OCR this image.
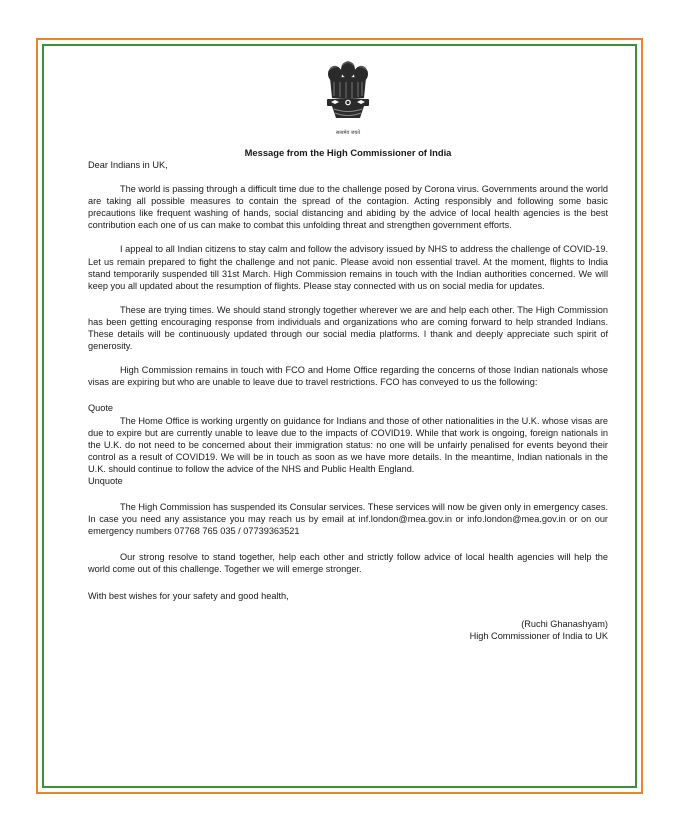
सत्यमेव जयते
Message from the High Commissioner of India

Dear Indians in UK,

The world is passing through a difficult time due to the challenge posed by Corona virus. Governments around the world are taking all possible measures to contain the spread of the contagion. Acting responsibly and following some basic precautions like frequent washing of hands, social distancing and abiding by the advice of local health agencies is the best contribution each one of us can make to combat this unfolding threat and strengthen government efforts.

I appeal to all Indian citizens to stay calm and follow the advisory issued by NHS to address the challenge of COVID-19. Let us remain prepared to fight the challenge and not panic. Please avoid non essential travel. At the moment, flights to India stand temporarily suspended till 31st March. High Commission remains in touch with the Indian authorities concerned. We will keep you all updated about the resumption of flights. Please stay connected with us on social media for updates.

These are trying times. We should stand strongly together wherever we are and help each other. The High Commission has been getting encouraging response from individuals and organizations who are coming forward to help stranded Indians. These details will be continuously updated through our social media platforms. I thank and deeply appreciate such spirit of generosity.

High Commission remains in touch with FCO and Home Office regarding the concerns of those Indian nationals whose visas are expiring but who are unable to leave due to travel restrictions. FCO has conveyed to us the following:

Quote

The Home Office is working urgently on guidance for Indians and those of other nationalities in the U.K. whose visas are due to expire but are currently unable to leave due to the impacts of COVID19. While that work is ongoing, foreign nationals in the U.K. do not need to be concerned about their immigration status: no one will be unfairly penalised for events beyond their control as a result of COVID19. We will be in touch as soon as we have more details. In the meantime, Indian nationals in the U.K. should continue to follow the advice of the NHS and Public Health England.

Unquote

The High Commission has suspended its Consular services. These services will now be given only in emergency cases. In case you need any assistance you may reach us by email at inf.london@mea.gov.in or info.london@mea.gov.in or on our emergency numbers 07768 765 035 / 07739363521

Our strong resolve to stand together, help each other and strictly follow advice of local health agencies will help the world come out of this challenge. Together we will emerge stronger.

With best wishes for your safety and good health,

(Ruchi Ghanashyam)

High Commissioner of India to UK
